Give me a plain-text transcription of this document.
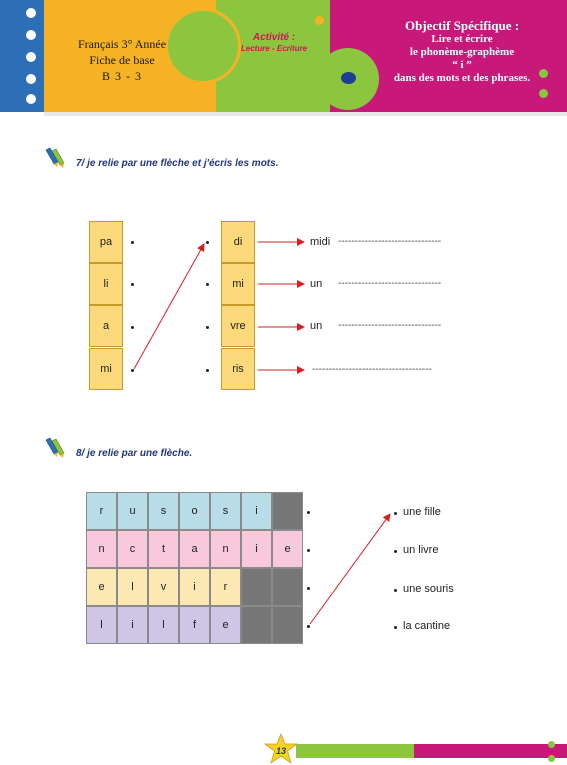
Français 3° Année
Fiche de base
B 3 - 3
Activité :
Lecture - Ecriture
Objectif Spécifique :
Lire et écrire
le phonème-graphème
“ i ”
dans des mots et des phrases.
7/ je relie par une flèche et j'écris les mots.
pa
li
a
mi
di
mi
vre
ris
midi -------------------------------
un -------------------------------
un -------------------------------
------------------------------------
8/ je relie par une flèche.
r	u	s	o	s	i
n	c	t	a	n	i	e
e	l	v	i	r
l	i	l	f	e
une fille
un livre
une souris
la cantine
13
